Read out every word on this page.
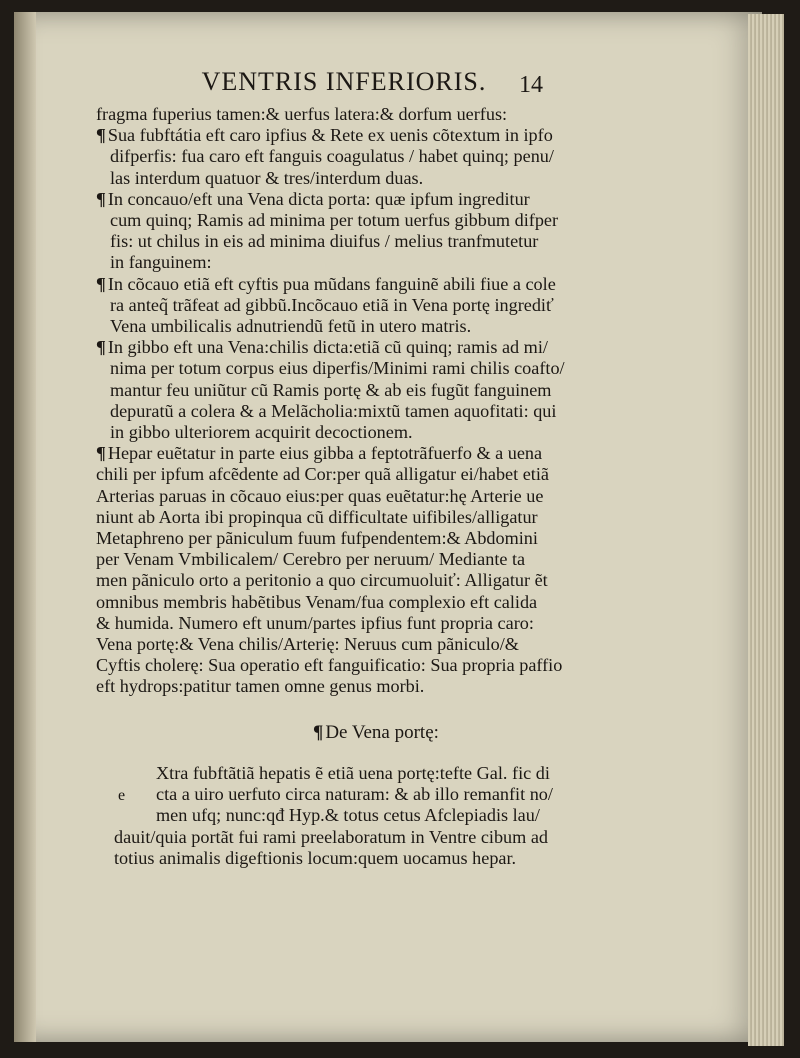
VENTRIS INFERIORIS.	14

fragma fuperius tamen:& uerfus latera:& dorfum uerfus:

¶ Sua fubftátia eft caro ipfius & Rete ex uenis cõtextum in ipfo
difperfis: fua caro eft fanguis coagulatus / habet quinq; penu/
las interdum quatuor & tres/interdum duas.

¶ In concauo/eft una Vena dicta porta: quæ ipfum ingreditur
cum quinq; Ramis ad minima per totum uerfus gibbum difper
fis: ut chilus in eis ad minima diuifus / melius tranfmutetur
in fanguinem:

¶ In cõcauo etiã eft cyftis pua mũdans fanguinẽ abili fiue a cole
ra anteq̃ trãfeat ad gibbũ.Incõcauo etiã in Vena portę ingrediť
Vena umbilicalis adnutriendũ fetũ in utero matris.

¶ In gibbo eft una Vena:chilis dicta:etiã cũ quinq; ramis ad mi/
nima per totum corpus eius diperfis/Minimi rami chilis coafto/
mantur feu uniũtur cũ Ramis portę & ab eis fugũt fanguinem
depuratũ a colera & a Melãcholia:mixtũ tamen aquofitati: qui
in gibbo ulteriorem acquirit decoctionem.

¶ Hepar euẽtatur in parte eius gibba a feptotrãfuerfo & a uena
chili per ipfum afcẽdente ad Cor:per quã alligatur ei/habet etiã
Arterias paruas in cõcauo eius:per quas euẽtatur:hę Arterie ue
niunt ab Aorta ibi propinqua cũ difficultate uifibiles/alligatur
Metaphreno per pãniculum fuum fufpendentem:& Abdomini
per Venam Vmbilicalem/ Cerebro per neruum/ Mediante ta
men pãniculo orto a peritonio a quo circumuoluiť: Alligatur ẽt
omnibus membris habẽtibus Venam/fua complexio eft calida
& humida. Numero eft unum/partes ipfius funt propria caro:
Vena portę:& Vena chilis/Arterię: Neruus cum pãniculo/&
Cyftis cholerę: Sua operatio eft fanguificatio: Sua propria paffio
eft hydrops:patitur tamen omne genus morbi.

¶ De Vena portę:
e

Xtra fubftãtiã hepatis ẽ etiã uena portę:tefte Gal. fic di
cta a uiro uerfuto circa naturam: & ab illo remanfit no/
men ufq; nunc:qđ Hyp.& totus cetus Afclepiadis lau/
dauit/quia portãt fui rami preelaboratum in Ventre cibum ad
totius animalis digeftionis locum:quem uocamus hepar.
